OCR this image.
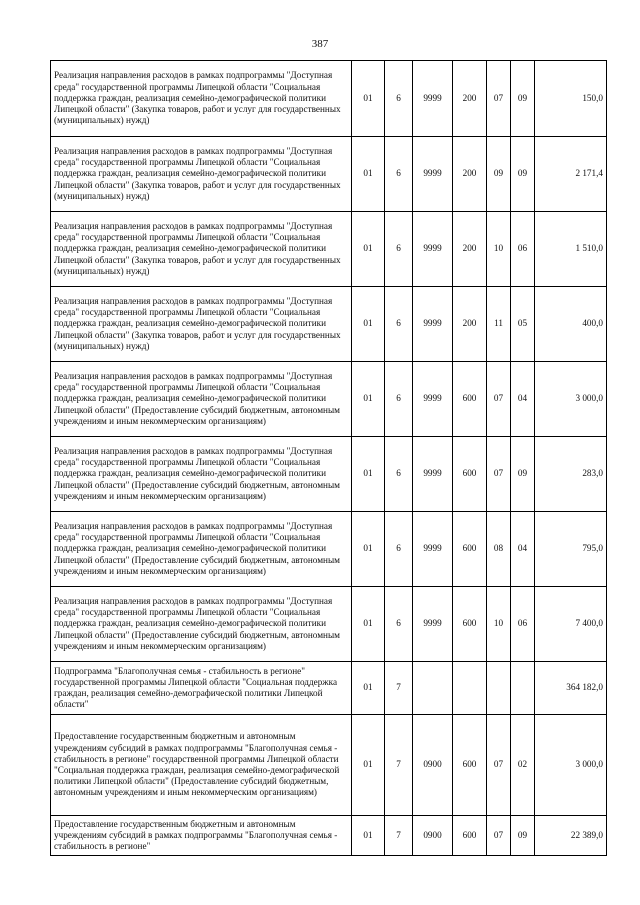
387
Реализация направления расходов в рамках подпрограммы "Доступная среда" государственной программы Липецкой области "Социальная поддержка граждан, реализация семейно-демографической политики Липецкой области" (Закупка товаров, работ и услуг для государственных (муниципальных) нужд)	01	6	9999	200	07	09	150,0
Реализация направления расходов в рамках подпрограммы "Доступная среда" государственной программы Липецкой области "Социальная поддержка граждан, реализация семейно-демографической политики Липецкой области" (Закупка товаров, работ и услуг для государственных (муниципальных) нужд)	01	6	9999	200	09	09	2 171,4
Реализация направления расходов в рамках подпрограммы "Доступная среда" государственной программы Липецкой области "Социальная поддержка граждан, реализация семейно-демографической политики Липецкой области" (Закупка товаров, работ и услуг для государственных (муниципальных) нужд)	01	6	9999	200	10	06	1 510,0
Реализация направления расходов в рамках подпрограммы "Доступная среда" государственной программы Липецкой области "Социальная поддержка граждан, реализация семейно-демографической политики Липецкой области" (Закупка товаров, работ и услуг для государственных (муниципальных) нужд)	01	6	9999	200	11	05	400,0
Реализация направления расходов в рамках подпрограммы "Доступная среда" государственной программы Липецкой области "Социальная поддержка граждан, реализация семейно-демографической политики Липецкой области" (Предоставление субсидий бюджетным, автономным учреждениям и иным некоммерческим организациям)	01	6	9999	600	07	04	3 000,0
Реализация направления расходов в рамках подпрограммы "Доступная среда" государственной программы Липецкой области "Социальная поддержка граждан, реализация семейно-демографической политики Липецкой области" (Предоставление субсидий бюджетным, автономным учреждениям и иным некоммерческим организациям)	01	6	9999	600	07	09	283,0
Реализация направления расходов в рамках подпрограммы "Доступная среда" государственной программы Липецкой области "Социальная поддержка граждан, реализация семейно-демографической политики Липецкой области" (Предоставление субсидий бюджетным, автономным учреждениям и иным некоммерческим организациям)	01	6	9999	600	08	04	795,0
Реализация направления расходов в рамках подпрограммы "Доступная среда" государственной программы Липецкой области "Социальная поддержка граждан, реализация семейно-демографической политики Липецкой области" (Предоставление субсидий бюджетным, автономным учреждениям и иным некоммерческим организациям)	01	6	9999	600	10	06	7 400,0
Подпрограмма "Благополучная семья - стабильность в регионе" государственной программы Липецкой области "Социальная поддержка граждан, реализация семейно-демографической политики Липецкой области"	01	7					364 182,0
Предоставление государственным бюджетным и автономным учреждениям субсидий в рамках подпрограммы "Благополучная семья - стабильность в регионе" государственной программы Липецкой области "Социальная поддержка граждан, реализация семейно-демографической политики Липецкой области" (Предоставление субсидий бюджетным, автономным учреждениям и иным некоммерческим организациям)	01	7	0900	600	07	02	3 000,0
Предоставление государственным бюджетным и автономным учреждениям субсидий в рамках подпрограммы "Благополучная семья - стабильность в регионе"	01	7	0900	600	07	09	22 389,0
